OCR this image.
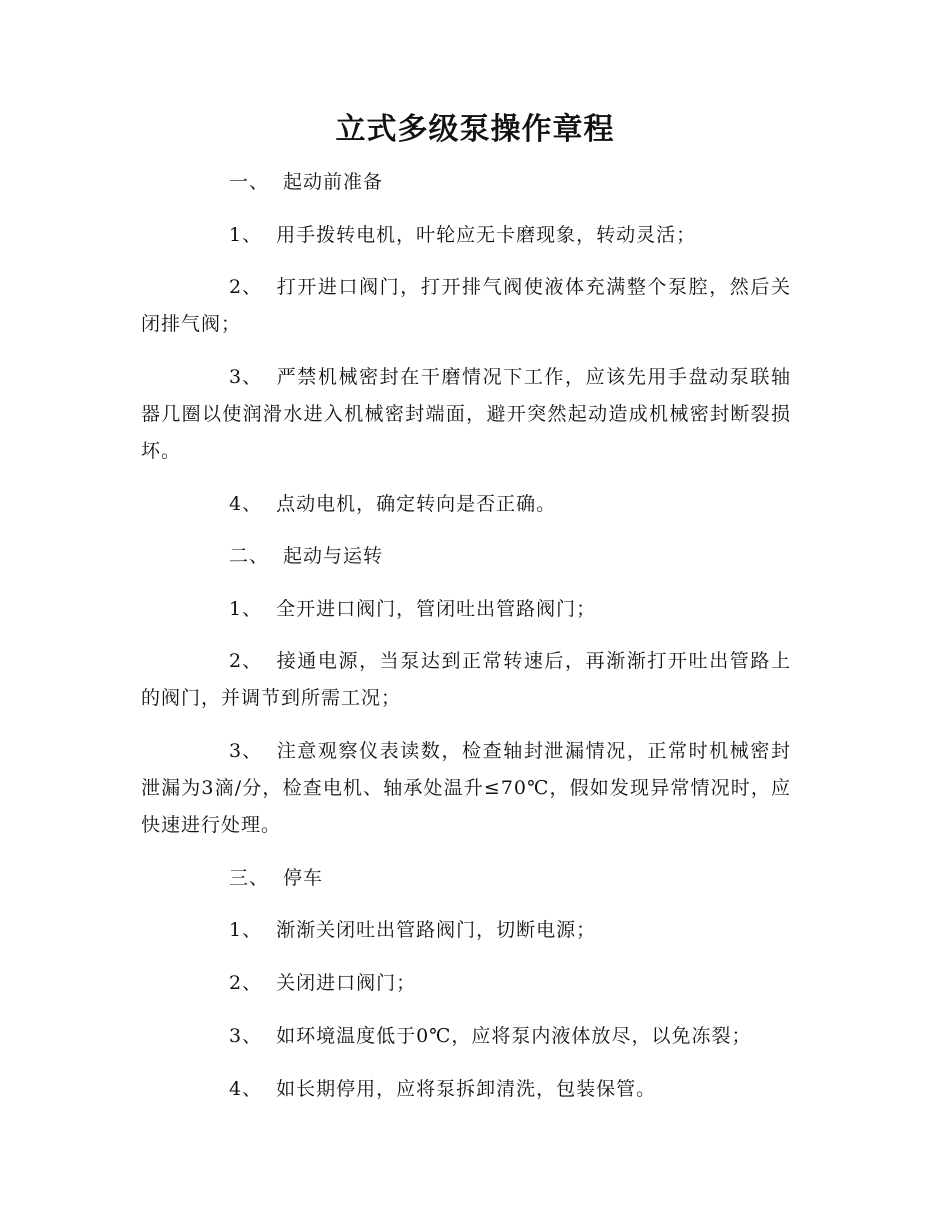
立式多级泵操作章程

一、 起动前准备

1、 用手拨转电机，叶轮应无卡磨现象，转动灵活；

2、 打开进口阀门，打开排气阀使液体充满整个泵腔，然后关闭排气阀；

3、 严禁机械密封在干磨情况下工作，应该先用手盘动泵联轴器几圈以使润滑水进入机械密封端面，避开突然起动造成机械密封断裂损坏。

4、 点动电机，确定转向是否正确。

二、 起动与运转

1、 全开进口阀门，管闭吐出管路阀门；

2、 接通电源，当泵达到正常转速后，再渐渐打开吐出管路上的阀门，并调节到所需工况；

3、 注意观察仪表读数，检查轴封泄漏情况，正常时机械密封泄漏为3滴/分，检查电机、轴承处温升≤70℃，假如发现异常情况时，应快速进行处理。

三、 停车

1、 渐渐关闭吐出管路阀门，切断电源；

2、 关闭进口阀门；

3、 如环境温度低于0℃，应将泵内液体放尽，以免冻裂；

4、 如长期停用，应将泵拆卸清洗，包装保管。
